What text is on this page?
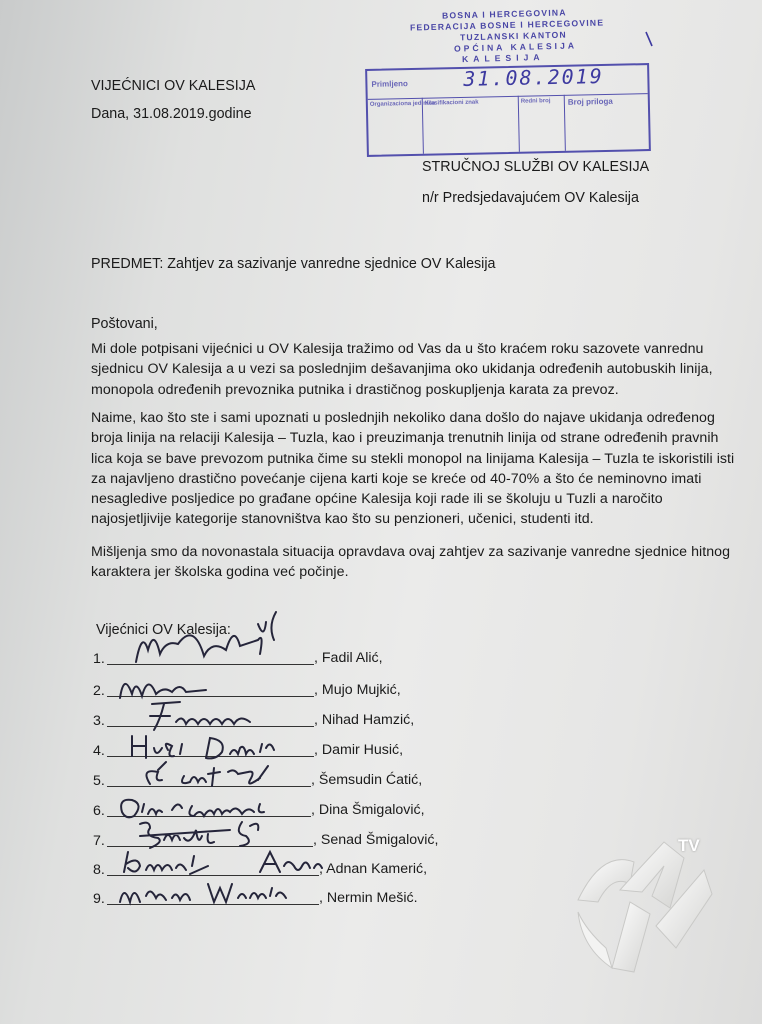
BOSNA I HERCEGOVINA
FEDERACIJA BOSNE I HERCEGOVINE
TUZLANSKI KANTON
OPĆINA KALESIJA
KALESIJA
Primljeno	31.08.2019
Organizaciona jedinica
Klasifikacioni znak	Redni broj Broj priloga
VIJEĆNICI OV KALESIJA
Dana, 31.08.2019.godine
STRUČNOJ SLUŽBI OV KALESIJA
n/r Predsjedavajućem OV Kalesija
PREDMET: Zahtjev za sazivanje vanredne sjednice OV Kalesija
Poštovani,
Mi dole potpisani vijećnici u OV Kalesija tražimo od Vas da u što kraćem roku sazovete vanrednu
sjednicu OV Kalesija a u vezi sa poslednjim dešavanjima oko ukidanja određenih autobuskih linija,
monopola određenih prevoznika putnika i drastičnog poskupljenja karata za prevoz.
Naime, kao što ste i sami upoznati u poslednjih nekoliko dana došlo do najave ukidanja određenog
broja linija na relaciji Kalesija – Tuzla, kao i preuzimanja trenutnih linija od strane određenih pravnih
lica koja se bave prevozom putnika čime su stekli monopol na linijama Kalesija – Tuzla te iskoristili isti
za najavljeno drastično povećanje cijena karti koje se kreće od 40-70% a što će neminovno imati
nesagledive posljedice po građane općine Kalesija koji rade ili se školuju u Tuzli a naročito
najosjetljivije kategorije stanovništva kao što su penzioneri, učenici, studenti itd.
Mišljenja smo da novonastala situacija opravdava ovaj zahtjev za sazivanje vanredne sjednice hitnog
karaktera jer školska godina već počinje.
Vijećnici OV Kalesija:
1.	, Fadil Alić,
2.	, Mujo Mujkić,
3.	, Nihad Hamzić,
4.	, Damir Husić,
5.	, Šemsudin Ćatić,
6.	, Dina Šmigalović,
7.	, Senad Šmigalović,
8.	, Adnan Kamerić,
9.	, Nermin Mešić.
TV
